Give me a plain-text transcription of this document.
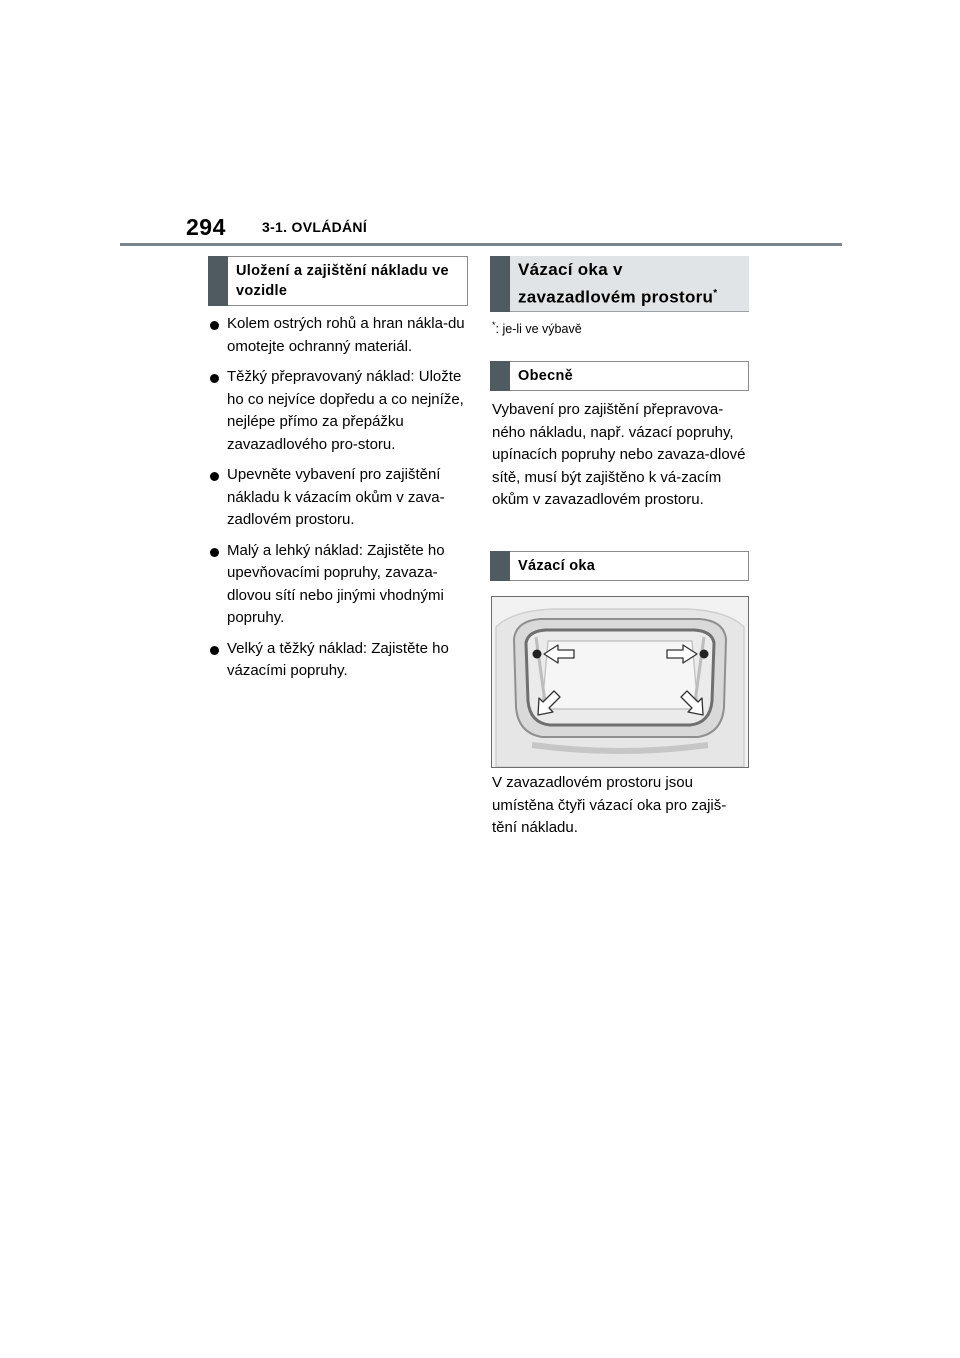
294	3-1. OVLÁDÁNÍ
Uložení a zajištění nákladu ve vozidle
Kolem ostrých rohů a hran nákla-du omotejte ochranný materiál.
Těžký přepravovaný náklad: Uložte ho co nejvíce dopředu a co nejníže, nejlépe přímo za přepážku zavazadlového pro-storu.
Upevněte vybavení pro zajištění nákladu k vázacím okům v zava-zadlovém prostoru.
Malý a lehký náklad: Zajistěte ho upevňovacími popruhy, zavaza-dlovou sítí nebo jinými vhodnými popruhy.
Velký a těžký náklad: Zajistěte ho vázacími popruhy.
Vázací oka v zavazadlovém prostoru*
*: je-li ve výbavě
Obecně

Vybavení pro zajištění přepravova-ného nákladu, např. vázací popruhy, upínacích popruhy nebo zavaza-dlové sítě, musí být zajištěno k vá-zacím okům v zavazadlovém prostoru.

Vázací oka

V zavazadlovém prostoru jsou umístěna čtyři vázací oka pro zajiš-tění nákladu.
